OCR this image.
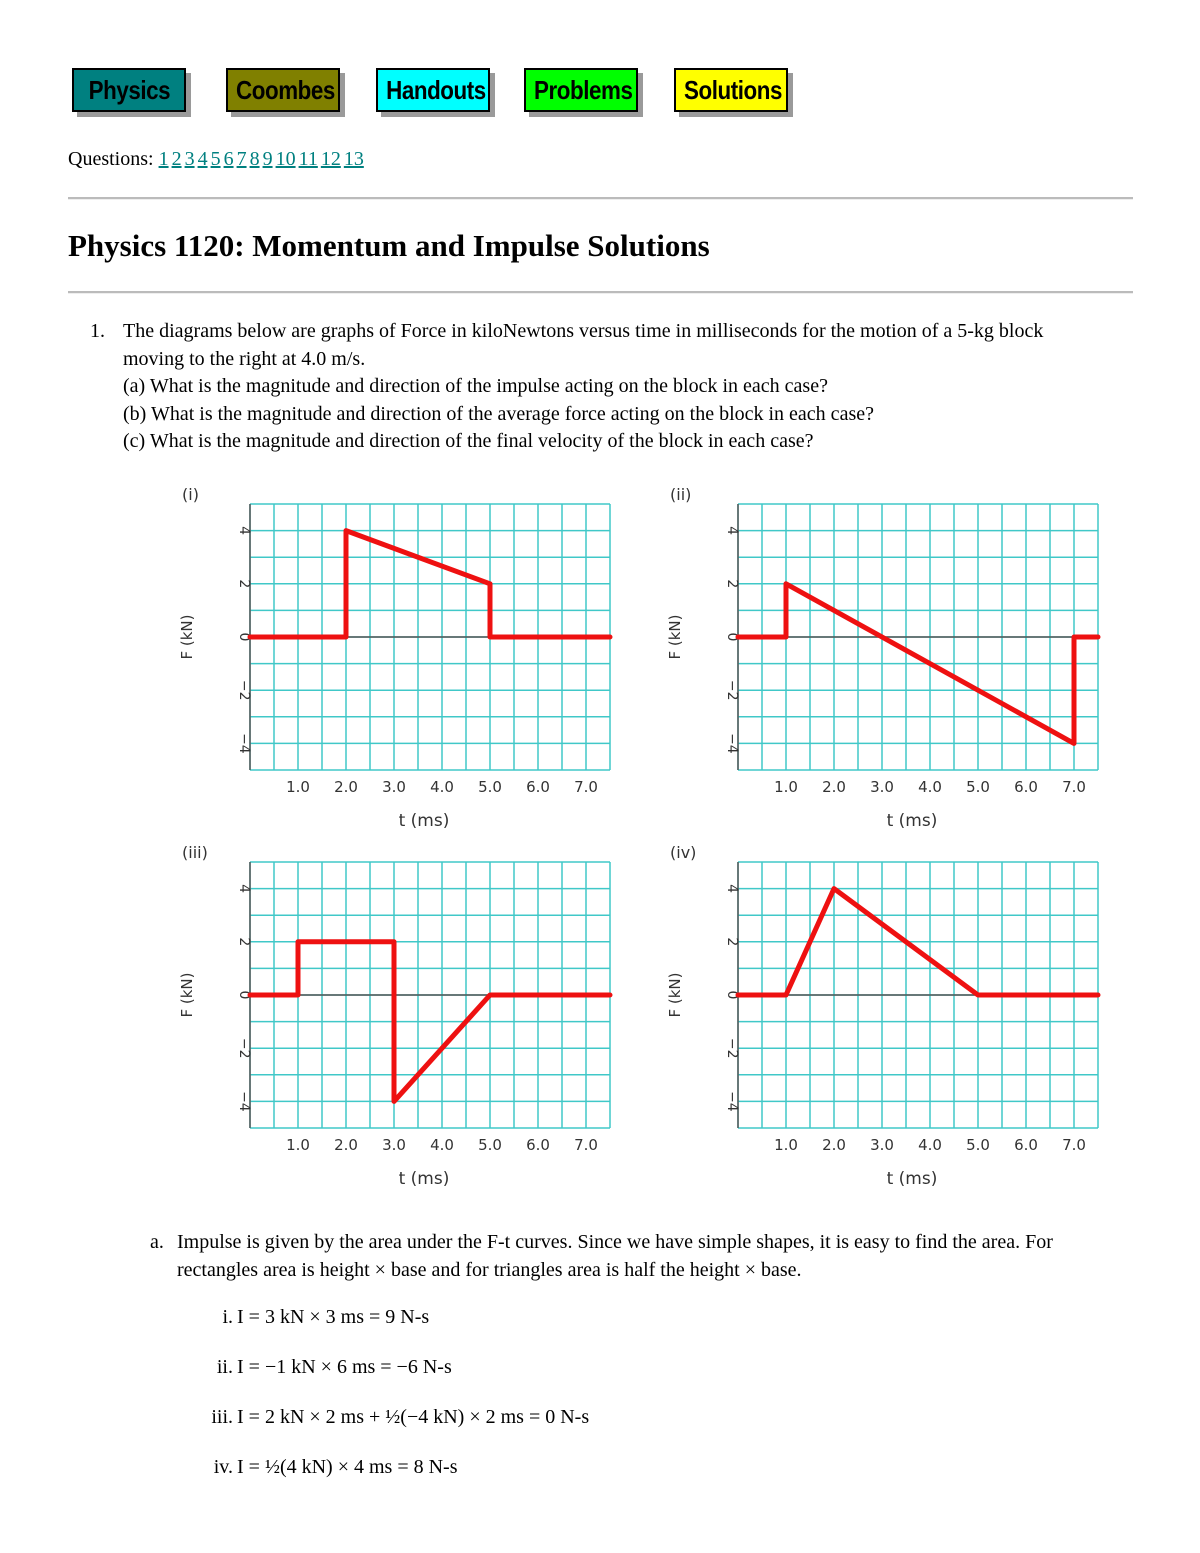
Physics	Coombes	Handouts	Problems	Solutions
Questions: 1 2 3 4 5 6 7 8 9 10 11 12 13
Physics 1120: Momentum and Impulse Solutions
1. The diagrams below are graphs of Force in kiloNewtons versus time in milliseconds for the motion of a 5-kg block moving to the right at 4.0 m/s.
(a) What is the magnitude and direction of the impulse acting on the block in each case?
(b) What is the magnitude and direction of the average force acting on the block in each case?
(c) What is the magnitude and direction of the final velocity of the block in each case?
(i)
1.0 2.0 3.0 4.0 5.0 6.0 7.0
4
2
0
−2
−4
t (ms)
F (kN)
(ii)
1.0 2.0 3.0 4.0 5.0 6.0 7.0
4
2
0
−2
−4
t (ms)
F (kN)
(iii)
1.0 2.0 3.0 4.0 5.0 6.0 7.0
4
2
0
−2
−4
t (ms)
F (kN)
(iv)
1.0 2.0 3.0 4.0 5.0 6.0 7.0
4
2
0
−2
−4
t (ms)
F (kN)
a. Impulse is given by the area under the F-t curves. Since we have simple shapes, it is easy to find the area. For rectangles area is height × base and for triangles area is half the height × base.
i. I = 3 kN × 3 ms = 9 N-s
ii. I = −1 kN × 6 ms = −6 N-s
iii. I = 2 kN × 2 ms + ½(−4 kN) × 2 ms = 0 N-s
iv. I = ½(4 kN) × 4 ms = 8 N-s
